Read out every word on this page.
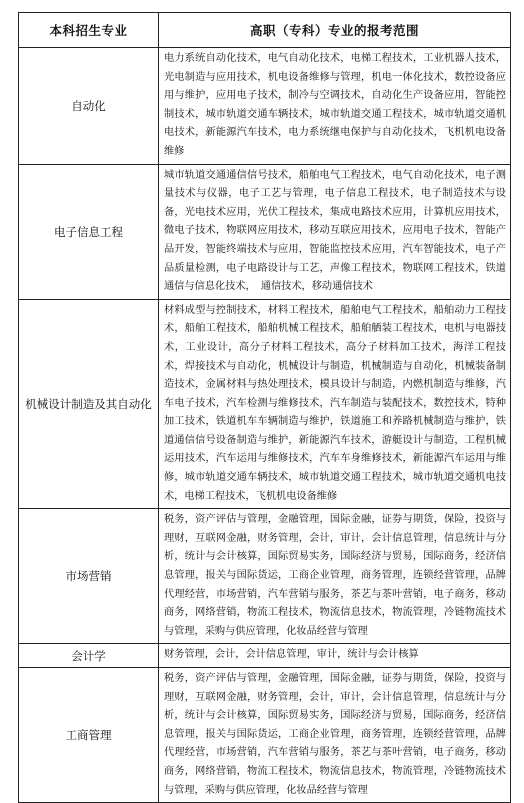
本科招生专业	高职（专科）专业的报考范围
自动化	电力系统自动化技术，电气自动化技术，电梯工程技术，工业机器人技术，光电制造与应用技术，机电设备维修与管理，机电一体化技术，数控设备应用与维护，应用电子技术，制冷与空调技术，自动化生产设备应用，智能控制技术，城市轨道交通车辆技术，城市轨道交通工程技术，城市轨道交通机电技术，新能源汽车技术，电力系统继电保护与自动化技术，飞机机电设备维修
电子信息工程	城市轨道交通通信信号技术，船舶电气工程技术，电气自动化技术，电子测量技术与仪器，电子工艺与管理，电子信息工程技术，电子制造技术与设备，光电技术应用，光伏工程技术，集成电路技术应用，计算机应用技术，微电子技术，物联网应用技术，移动互联应用技术，应用电子技术，智能产品开发，智能终端技术与应用，智能监控技术应用，汽车智能技术，电子产品质量检测，电子电路设计与工艺，声像工程技术，物联网工程技术，铁道通信与信息化技术，　通信技术，移动通信技术
机械设计制造及其自动化	材料成型与控制技术，材料工程技术，船舶电气工程技术，船舶动力工程技术，船舶工程技术，船舶机械工程技术，船舶舾装工程技术，电机与电器技术，工业设计，高分子材料工程技术，高分子材料加工技术，海洋工程技术，焊接技术与自动化，机械设计与制造，机械制造与自动化，机械装备制造技术，金属材料与热处理技术，模具设计与制造，内燃机制造与维修，汽车电子技术，汽车检测与维修技术，汽车制造与装配技术，数控技术，特种加工技术，铁道机车车辆制造与维护，铁道施工和养路机械制造与维护，铁道通信信号设备制造与维护，新能源汽车技术，游艇设计与制造，工程机械运用技术，汽车运用与维修技术，汽车车身维修技术，新能源汽车运用与维修，城市轨道交通车辆技术，城市轨道交通工程技术，城市轨道交通机电技术，电梯工程技术，飞机机电设备维修
市场营销	税务，资产评估与管理，金融管理，国际金融，证券与期货，保险，投资与理财，互联网金融，财务管理，会计，审计，会计信息管理，信息统计与分析，统计与会计核算，国际贸易实务，国际经济与贸易，国际商务，经济信息管理，报关与国际货运，工商企业管理，商务管理，连锁经营管理，品牌代理经营，市场营销，汽车营销与服务，茶艺与茶叶营销，电子商务，移动商务，网络营销，物流工程技术，物流信息技术，物流管理，冷链物流技术与管理，采购与供应管理，化妆品经营与管理
会计学	财务管理，会计，会计信息管理，审计，统计与会计核算
工商管理	税务，资产评估与管理，金融管理，国际金融，证券与期货，保险，投资与理财，互联网金融，财务管理，会计，审计，会计信息管理，信息统计与分析，统计与会计核算，国际贸易实务，国际经济与贸易，国际商务，经济信息管理，报关与国际货运，工商企业管理，商务管理，连锁经营管理，品牌代理经营，市场营销，汽车营销与服务，茶艺与茶叶营销，电子商务，移动商务，网络营销，物流工程技术，物流信息技术，物流管理，冷链物流技术与管理，采购与供应管理，化妆品经营与管理
